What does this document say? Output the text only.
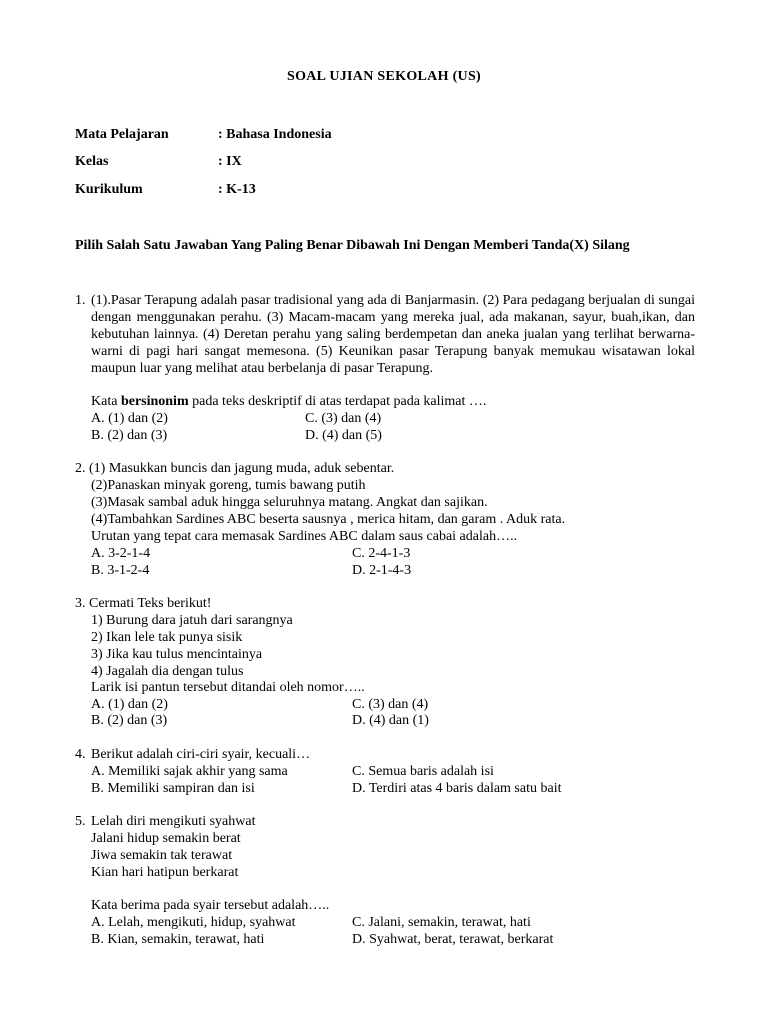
SOAL UJIAN SEKOLAH (US)
Mata Pelajaran	: Bahasa Indonesia
Kelas	: IX
Kurikulum	: K-13
Pilih Salah Satu Jawaban Yang Paling Benar Dibawah Ini Dengan Memberi Tanda(X) Silang
1. (1).Pasar Terapung adalah pasar tradisional yang ada di Banjarmasin. (2) Para pedagang berjualan di sungai dengan menggunakan perahu. (3) Macam-macam yang mereka jual, ada makanan, sayur, buah,ikan, dan kebutuhan lainnya. (4) Deretan perahu yang saling berdempetan dan aneka jualan yang terlihat berwarna-warni di pagi hari sangat memesona. (5) Keunikan pasar Terapung banyak memukau wisatawan lokal maupun luar yang melihat atau berbelanja di pasar Terapung.
Kata bersinonim pada teks deskriptif di atas terdapat pada kalimat ….
A. (1) dan (2)	C. (3) dan (4)
B. (2) dan (3)	D. (4) dan (5)
2. (1) Masukkan buncis dan jagung muda, aduk sebentar.
(2)Panaskan minyak goreng, tumis bawang putih
(3)Masak sambal aduk hingga seluruhnya matang. Angkat dan sajikan.
(4)Tambahkan Sardines ABC beserta sausnya , merica hitam, dan garam . Aduk rata.
Urutan yang tepat cara memasak Sardines ABC dalam saus cabai adalah…..
A. 3-2-1-4	C. 2-4-1-3
B. 3-1-2-4	D. 2-1-4-3
3. Cermati Teks berikut!
1) Burung dara jatuh dari sarangnya
2) Ikan lele tak punya sisik
3) Jika kau tulus mencintainya
4) Jagalah dia dengan tulus
Larik isi pantun tersebut ditandai oleh nomor…..
A. (1) dan (2)	C. (3) dan (4)
B. (2) dan (3)	D. (4) dan (1)
4. Berikut adalah ciri-ciri syair, kecuali…
A. Memiliki sajak akhir yang sama	C. Semua baris adalah isi
B. Memiliki sampiran dan isi	D. Terdiri atas 4 baris dalam satu bait
5. Lelah diri mengikuti syahwat
Jalani hidup semakin berat
Jiwa semakin tak terawat
Kian hari hatipun berkarat
Kata berima pada syair tersebut adalah…..
A. Lelah, mengikuti, hidup, syahwat	C. Jalani, semakin, terawat, hati
B. Kian, semakin, terawat, hati	D. Syahwat, berat, terawat, berkarat
